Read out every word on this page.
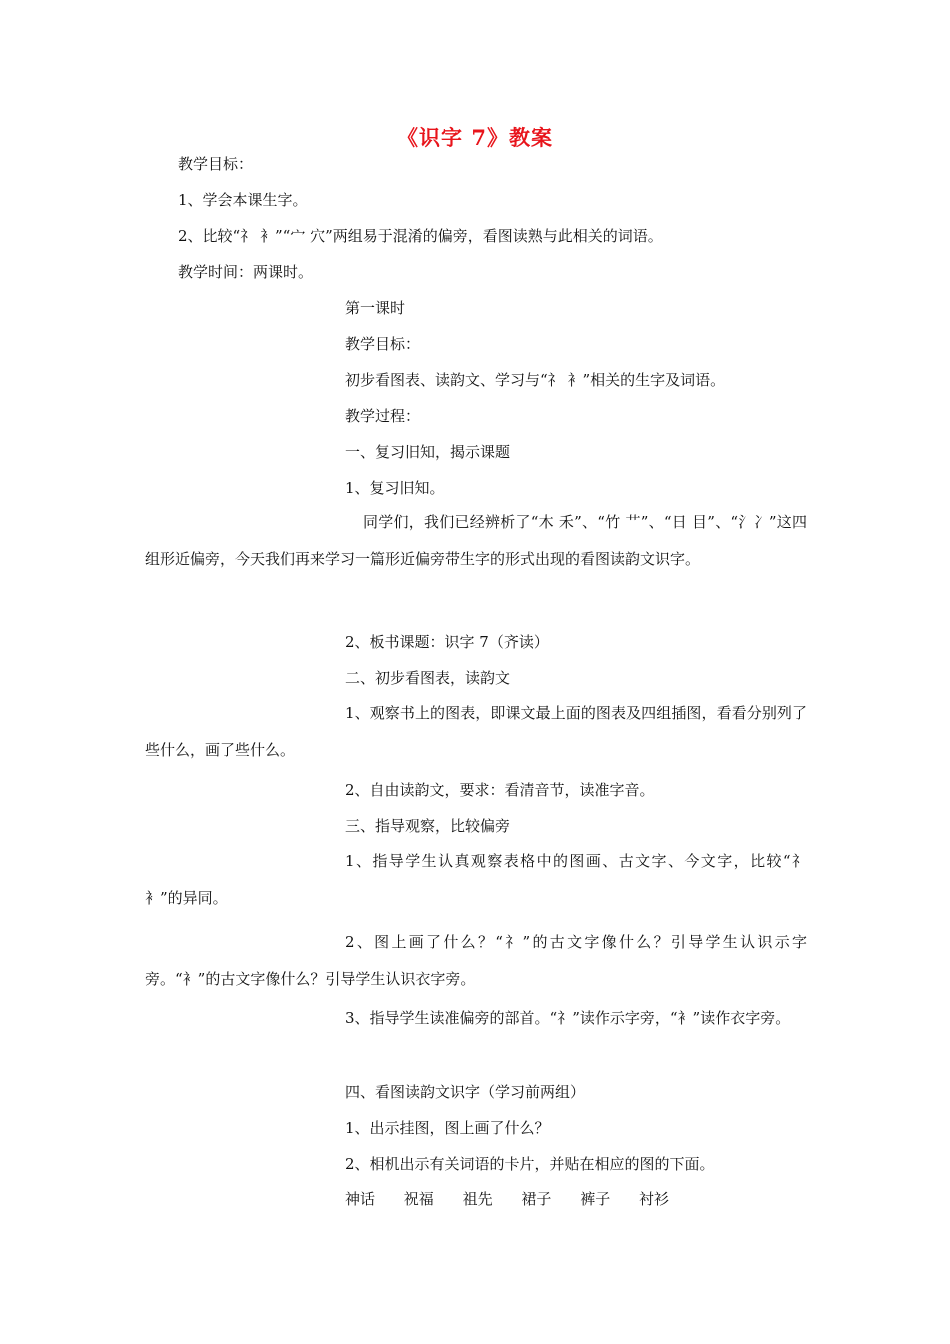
《识字 7》教案
教学目标：
1、学会本课生字。
2、比较“礻 衤”“宀 穴”两组易于混淆的偏旁，看图读熟与此相关的词语。
教学时间：两课时。
第一课时
教学目标：
初步看图表、读韵文、学习与“礻 衤”相关的生字及词语。
教学过程：
一、复习旧知，揭示课题
1、复习旧知。
同学们，我们已经辨析了“木 禾”、“竹 艹”、“日 目”、“氵冫”这四组形近偏旁，今天我们再来学习一篇形近偏旁带生字的形式出现的看图读韵文识字。
2、板书课题：识字 7（齐读）
二、初步看图表，读韵文
1、观察书上的图表，即课文最上面的图表及四组插图，看看分别列了些什么，画了些什么。
2、自由读韵文，要求：看清音节，读准字音。
三、指导观察，比较偏旁
1、指导学生认真观察表格中的图画、古文字、今文字，比较“礻 衤”的异同。
2、图上画了什么？“礻”的古文字像什么？引导学生认识示字旁。“衤”的古文字像什么？引导学生认识衣字旁。
3、指导学生读准偏旁的部首。“礻”读作示字旁，“衤”读作衣字旁。
四、看图读韵文识字（学习前两组）
1、出示挂图，图上画了什么？
2、相机出示有关词语的卡片，并贴在相应的图的下面。
神话 祝福 祖先 裙子 裤子 衬衫
